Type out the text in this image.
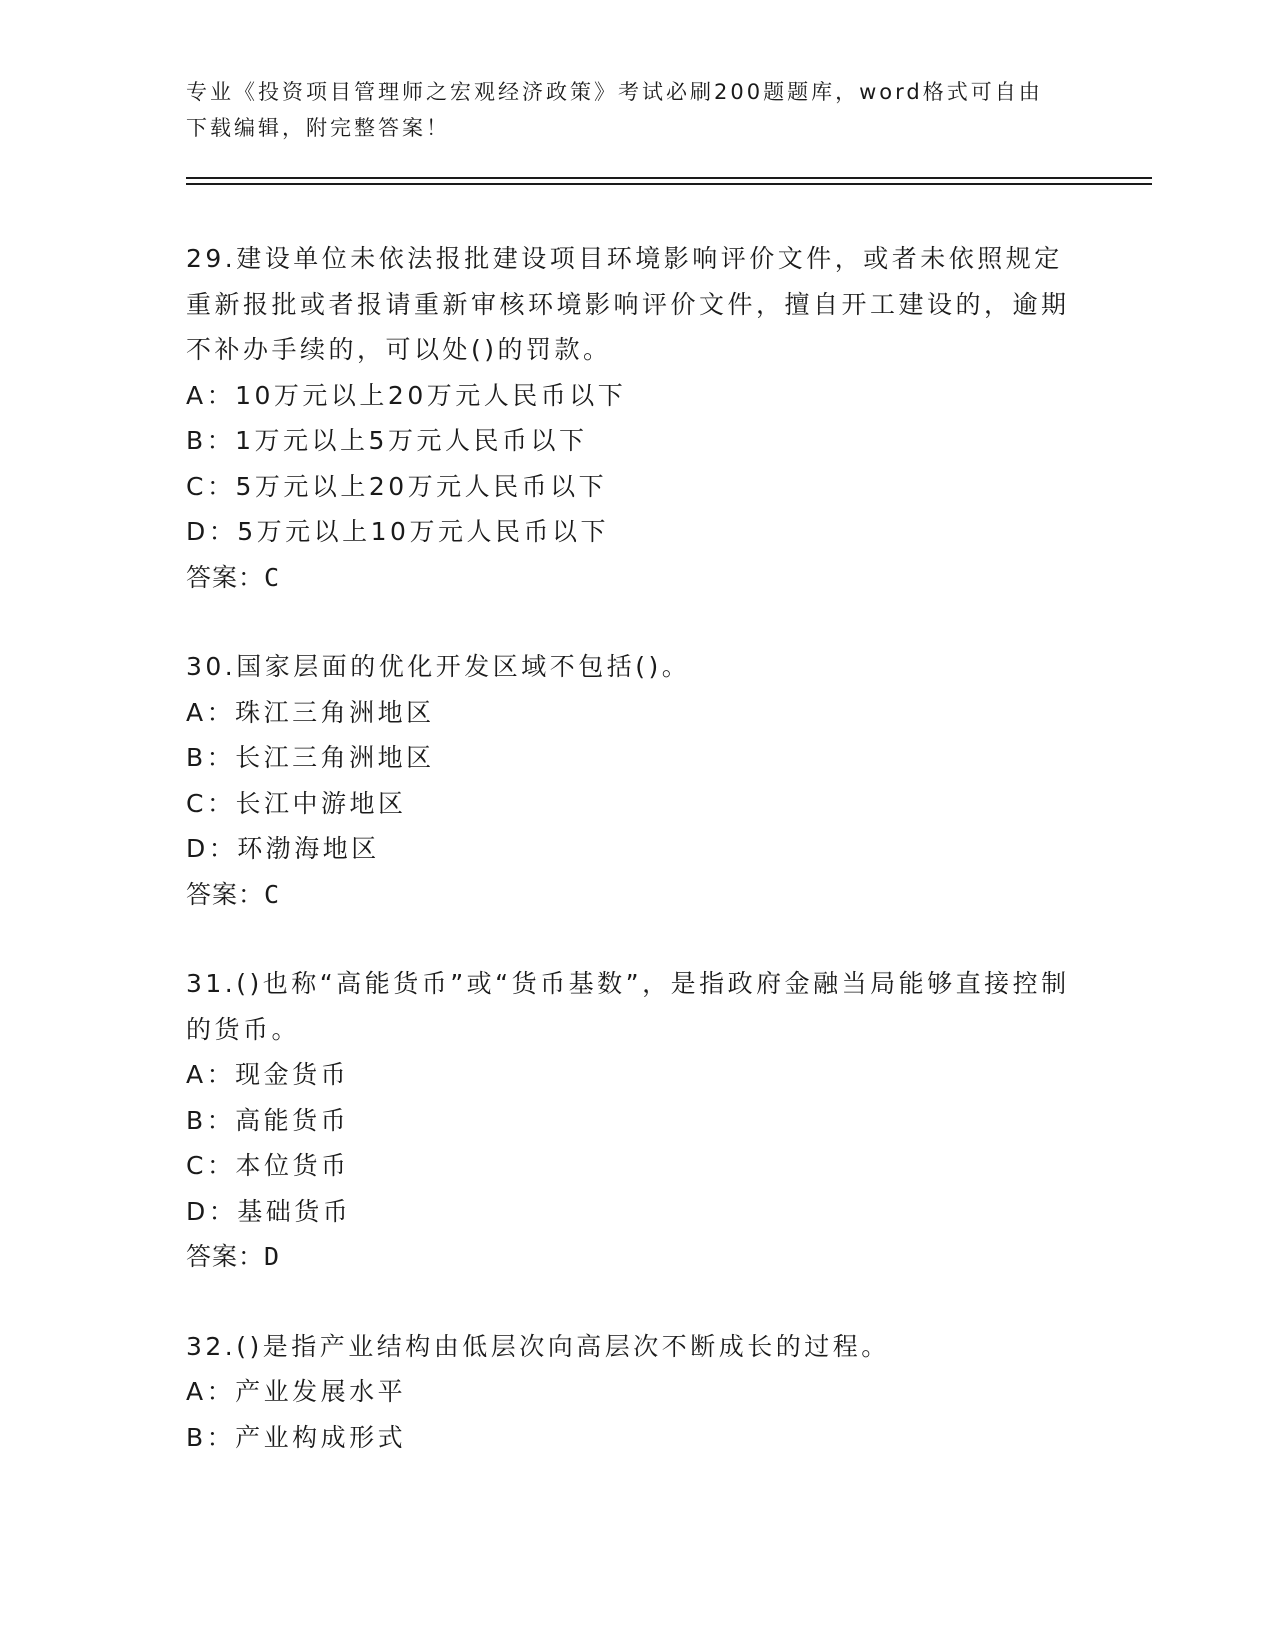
专业《投资项目管理师之宏观经济政策》考试必刷200题题库，word格式可自由下载编辑，附完整答案！

29.建设单位未依法报批建设项目环境影响评价文件，或者未依照规定重新报批或者报请重新审核环境影响评价文件，擅自开工建设的，逾期不补办手续的，可以处()的罚款。

A：10万元以上20万元人民币以下

B：1万元以上5万元人民币以下

C：5万元以上20万元人民币以下

D：5万元以上10万元人民币以下

答案：C

30.国家层面的优化开发区域不包括()。

A：珠江三角洲地区

B：长江三角洲地区

C：长江中游地区

D：环渤海地区

答案：C

31.()也称“高能货币”或“货币基数”，是指政府金融当局能够直接控制的货币。

A：现金货币

B：高能货币

C：本位货币

D：基础货币

答案：D

32.()是指产业结构由低层次向高层次不断成长的过程。

A：产业发展水平

B：产业构成形式
